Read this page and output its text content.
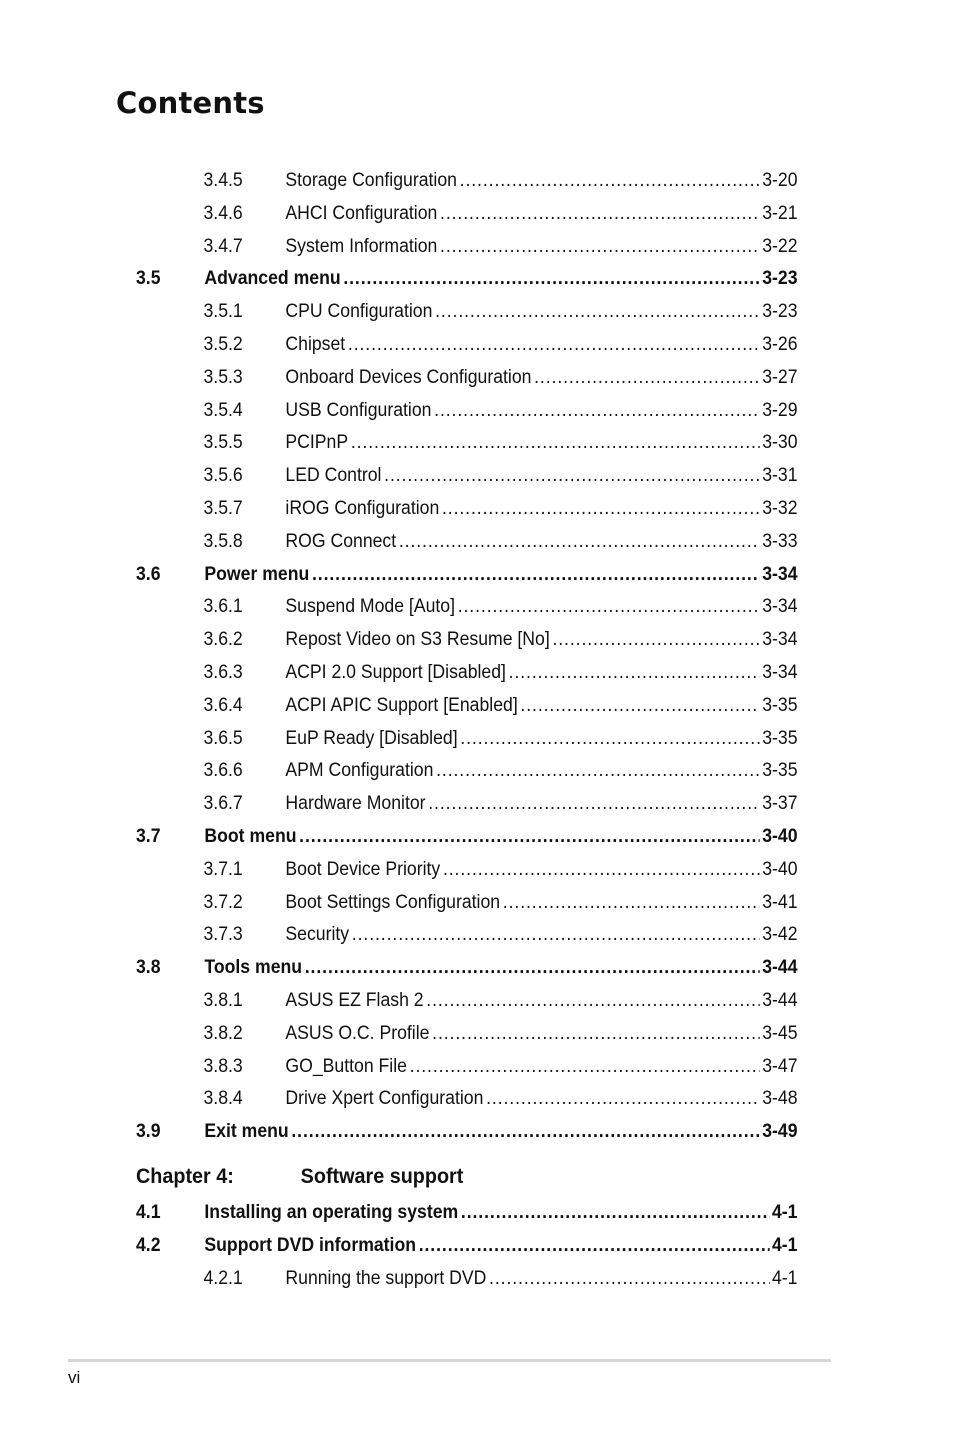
Contents
3.4.5 Storage Configuration .....	3-20
3.4.6 AHCI Configuration .....	3-21
3.4.7 System Information .....	3-22
3.5 Advanced menu .....	3-23
3.5.1 CPU Configuration .....	3-23
3.5.2 Chipset .....	3-26
3.5.3 Onboard Devices Configuration .....	3-27
3.5.4 USB Configuration .....	3-29
3.5.5 PCIPnP .....	3-30
3.5.6 LED Control .....	3-31
3.5.7 iROG Configuration .....	3-32
3.5.8 ROG Connect .....	3-33
3.6 Power menu .....	3-34
3.6.1 Suspend Mode [Auto] .....	3-34
3.6.2 Repost Video on S3 Resume [No] .....	3-34
3.6.3 ACPI 2.0 Support [Disabled] .....	3-34
3.6.4 ACPI APIC Support [Enabled] .....	3-35
3.6.5 EuP Ready [Disabled] .....	3-35
3.6.6 APM Configuration .....	3-35
3.6.7 Hardware Monitor .....	3-37
3.7 Boot menu .....	3-40
3.7.1 Boot Device Priority .....	3-40
3.7.2 Boot Settings Configuration .....	3-41
3.7.3 Security .....	3-42
3.8 Tools menu .....	3-44
3.8.1 ASUS EZ Flash 2 .....	3-44
3.8.2 ASUS O.C. Profile .....	3-45
3.8.3 GO_Button File .....	3-47
3.8.4 Drive Xpert Configuration .....	3-48
3.9 Exit menu .....	3-49
Chapter 4:	Software support
4.1 Installing an operating system .....	4-1
4.2 Support DVD information .....	4-1
4.2.1 Running the support DVD .....	4-1
vi
